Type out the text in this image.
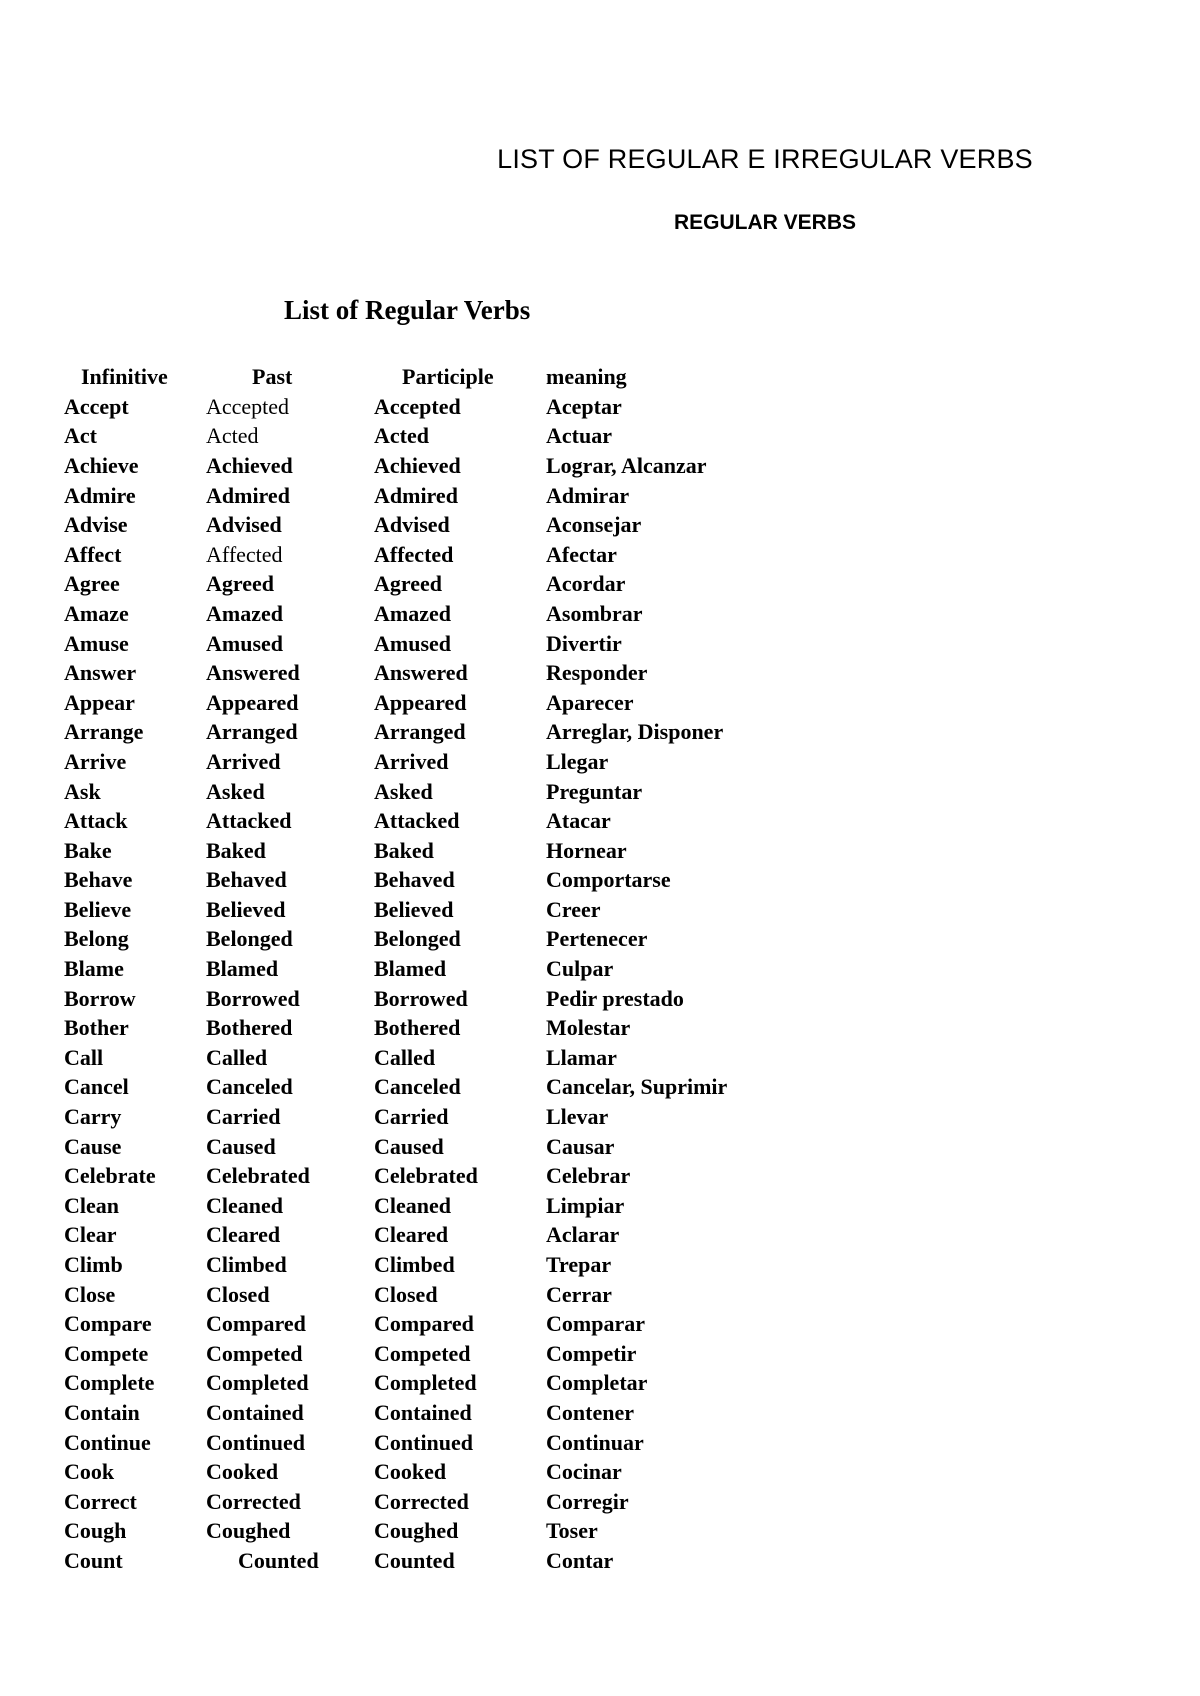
LIST OF REGULAR E IRREGULAR VERBS
REGULAR VERBS
List of Regular Verbs
Infinitive	Past	Participle	meaning
Accept	Accepted	Accepted	Aceptar
Act	Acted	Acted	Actuar
Achieve	Achieved	Achieved	Lograr, Alcanzar
Admire	Admired	Admired	Admirar
Advise	Advised	Advised	Aconsejar
Affect	Affected	Affected	Afectar
Agree	Agreed	Agreed	Acordar
Amaze	Amazed	Amazed	Asombrar
Amuse	Amused	Amused	Divertir
Answer	Answered	Answered	Responder
Appear	Appeared	Appeared	Aparecer
Arrange	Arranged	Arranged	Arreglar, Disponer
Arrive	Arrived	Arrived	Llegar
Ask	Asked	Asked	Preguntar
Attack	Attacked	Attacked	Atacar
Bake	Baked	Baked	Hornear
Behave	Behaved	Behaved	Comportarse
Believe	Believed	Believed	Creer
Belong	Belonged	Belonged	Pertenecer
Blame	Blamed	Blamed	Culpar
Borrow	Borrowed	Borrowed	Pedir prestado
Bother	Bothered	Bothered	Molestar
Call	Called	Called	Llamar
Cancel	Canceled	Canceled	Cancelar, Suprimir
Carry	Carried	Carried	Llevar
Cause	Caused	Caused	Causar
Celebrate	Celebrated	Celebrated	Celebrar
Clean	Cleaned	Cleaned	Limpiar
Clear	Cleared	Cleared	Aclarar
Climb	Climbed	Climbed	Trepar
Close	Closed	Closed	Cerrar
Compare	Compared	Compared	Comparar
Compete	Competed	Competed	Competir
Complete	Completed	Completed	Completar
Contain	Contained	Contained	Contener
Continue	Continued	Continued	Continuar
Cook	Cooked	Cooked	Cocinar
Correct	Corrected	Corrected	Corregir
Cough	Coughed	Coughed	Toser
Count	Counted	Counted	Contar
